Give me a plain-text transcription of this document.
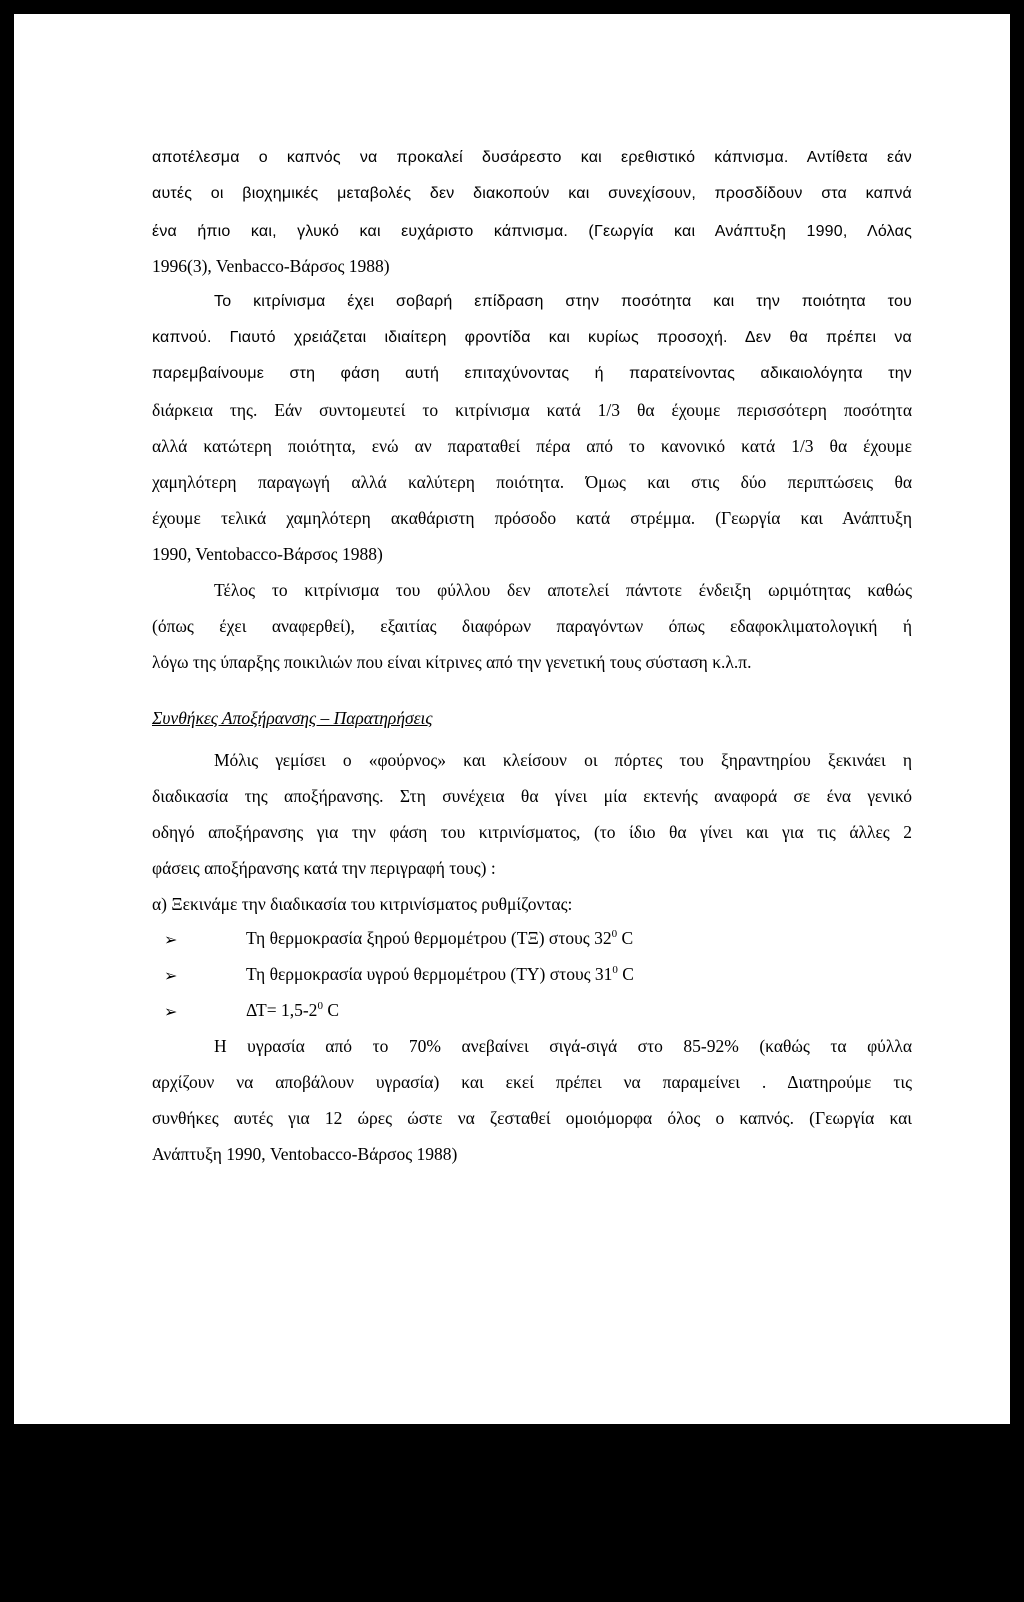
αποτέλεσμα ο καπνός να προκαλεί δυσάρεστο και ερεθιστικό κάπνισμα. Αντίθετα εάν
αυτές οι βιοχημικές μεταβολές δεν διακοπούν και συνεχίσουν, προσδίδουν στα καπνά
ένα ήπιο και, γλυκό και ευχάριστο κάπνισμα. (Γεωργία και Ανάπτυξη 1990, Λόλας
1996(3), Venbacco-Βάρσος 1988)
Το κιτρίνισμα έχει σοβαρή επίδραση στην ποσότητα και την ποιότητα του
καπνού. Γιαυτό χρειάζεται ιδιαίτερη φροντίδα και κυρίως προσοχή. Δεν θα πρέπει να
παρεμβαίνουμε στη φάση αυτή επιταχύνοντας ή παρατείνοντας αδικαιολόγητα την
διάρκεια της. Εάν συντομευτεί το κιτρίνισμα κατά 1/3 θα έχουμε περισσότερη ποσότητα
αλλά κατώτερη ποιότητα, ενώ αν παραταθεί πέρα από το κανονικό κατά 1/3 θα έχουμε
χαμηλότερη παραγωγή αλλά καλύτερη ποιότητα. Όμως και στις δύο περιπτώσεις θα
έχουμε τελικά χαμηλότερη ακαθάριστη πρόσοδο κατά στρέμμα. (Γεωργία και Ανάπτυξη
1990, Ventobacco-Βάρσος 1988)
Τέλος το κιτρίνισμα του φύλλου δεν αποτελεί πάντοτε ένδειξη ωριμότητας καθώς
(όπως έχει αναφερθεί), εξαιτίας διαφόρων παραγόντων όπως εδαφοκλιματολογική ή
λόγω της ύπαρξης ποικιλιών που είναι κίτρινες από την γενετική τους σύσταση κ.λ.π.
Συνθήκες Αποξήρανσης – Παρατηρήσεις
Μόλις γεμίσει ο «φούρνος» και κλείσουν οι πόρτες του ξηραντηρίου ξεκινάει η
διαδικασία της αποξήρανσης. Στη συνέχεια θα γίνει μία εκτενής αναφορά σε ένα γενικό
οδηγό αποξήρανσης για την φάση του κιτρινίσματος, (το ίδιο θα γίνει και για τις άλλες 2
φάσεις αποξήρανσης κατά την περιγραφή τους) :
α) Ξεκινάμε την διαδικασία του κιτρινίσματος ρυθμίζοντας:
➢	Τη θερμοκρασία ξηρού θερμομέτρου (ΤΞ) στους $32^0$ C
➢	Τη θερμοκρασία υγρού θερμομέτρου (ΤΥ) στους $31^0$ C
➢	$\Delta T= 1,5-2^0$ C
Η υγρασία από το 70% ανεβαίνει σιγά-σιγά στο 85-92% (καθώς τα φύλλα
αρχίζουν να αποβάλουν υγρασία) και εκεί πρέπει να παραμείνει . Διατηρούμε τις
συνθήκες αυτές για 12 ώρες ώστε να ζεσταθεί ομοιόμορφα όλος ο καπνός. (Γεωργία και
Ανάπτυξη 1990, Ventobacco-Βάρσος 1988)
74
